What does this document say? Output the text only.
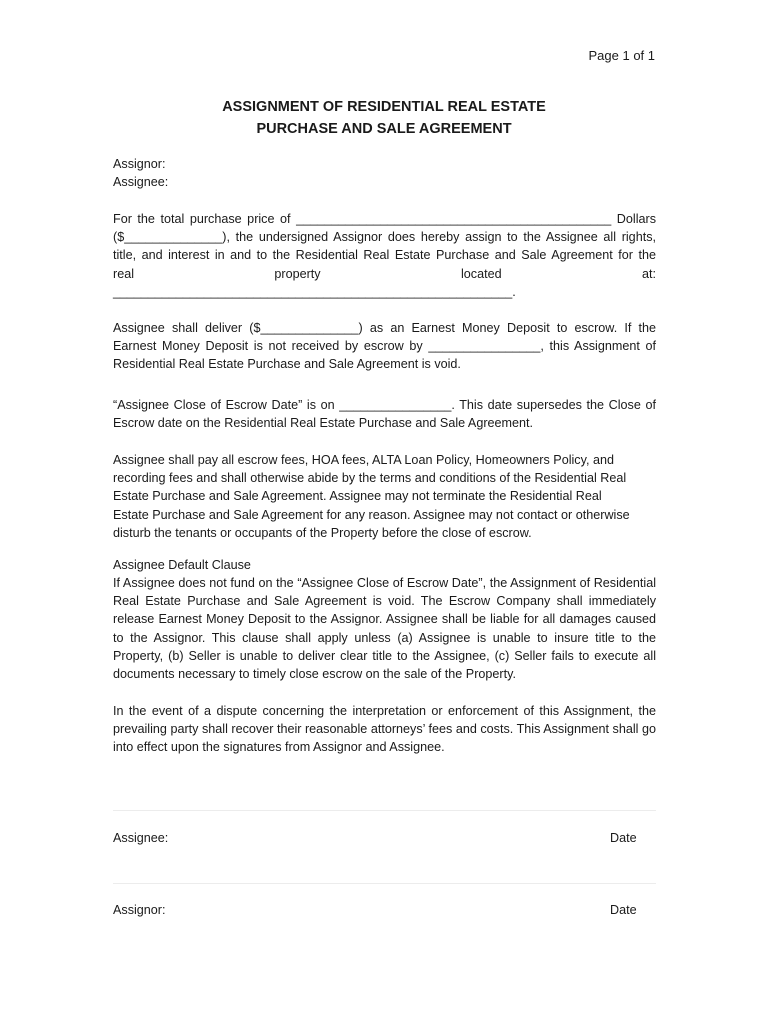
Page 1 of 1
ASSIGNMENT OF RESIDENTIAL REAL ESTATE
PURCHASE AND SALE AGREEMENT
Assignor:
Assignee:
For the total purchase price of _____________________________________________ Dollars
($______________), the undersigned Assignor does hereby assign to the Assignee all rights,
title, and interest in and to the Residential Real Estate Purchase and Sale Agreement for the
real	property	located	at:
_________________________________________________________.
Assignee shall deliver ($______________) as an Earnest Money Deposit to escrow. If the Earnest Money Deposit is not received by escrow by ________________, this Assignment of Residential Real Estate Purchase and Sale Agreement is void.
“Assignee Close of Escrow Date” is on ________________. This date supersedes the Close of Escrow date on the Residential Real Estate Purchase and Sale Agreement.
Assignee shall pay all escrow fees, HOA fees, ALTA Loan Policy, Homeowners Policy, and
recording fees and shall otherwise abide by the terms and conditions of the Residential Real
Estate Purchase and Sale Agreement. Assignee may not terminate the Residential Real
Estate Purchase and Sale Agreement for any reason. Assignee may not contact or otherwise
disturb the tenants or occupants of the Property before the close of escrow.
Assignee Default Clause
If Assignee does not fund on the “Assignee Close of Escrow Date”, the Assignment of Residential Real Estate Purchase and Sale Agreement is void. The Escrow Company shall immediately release Earnest Money Deposit to the Assignor. Assignee shall be liable for all damages caused to the Assignor. This clause shall apply unless (a) Assignee is unable to insure title to the Property, (b) Seller is unable to deliver clear title to the Assignee, (c) Seller fails to execute all documents necessary to timely close escrow on the sale of the Property.
In the event of a dispute concerning the interpretation or enforcement of this Assignment, the prevailing party shall recover their reasonable attorneys’ fees and costs. This Assignment shall go into effect upon the signatures from Assignor and Assignee.
Assignee:	Date
Assignor:	Date
